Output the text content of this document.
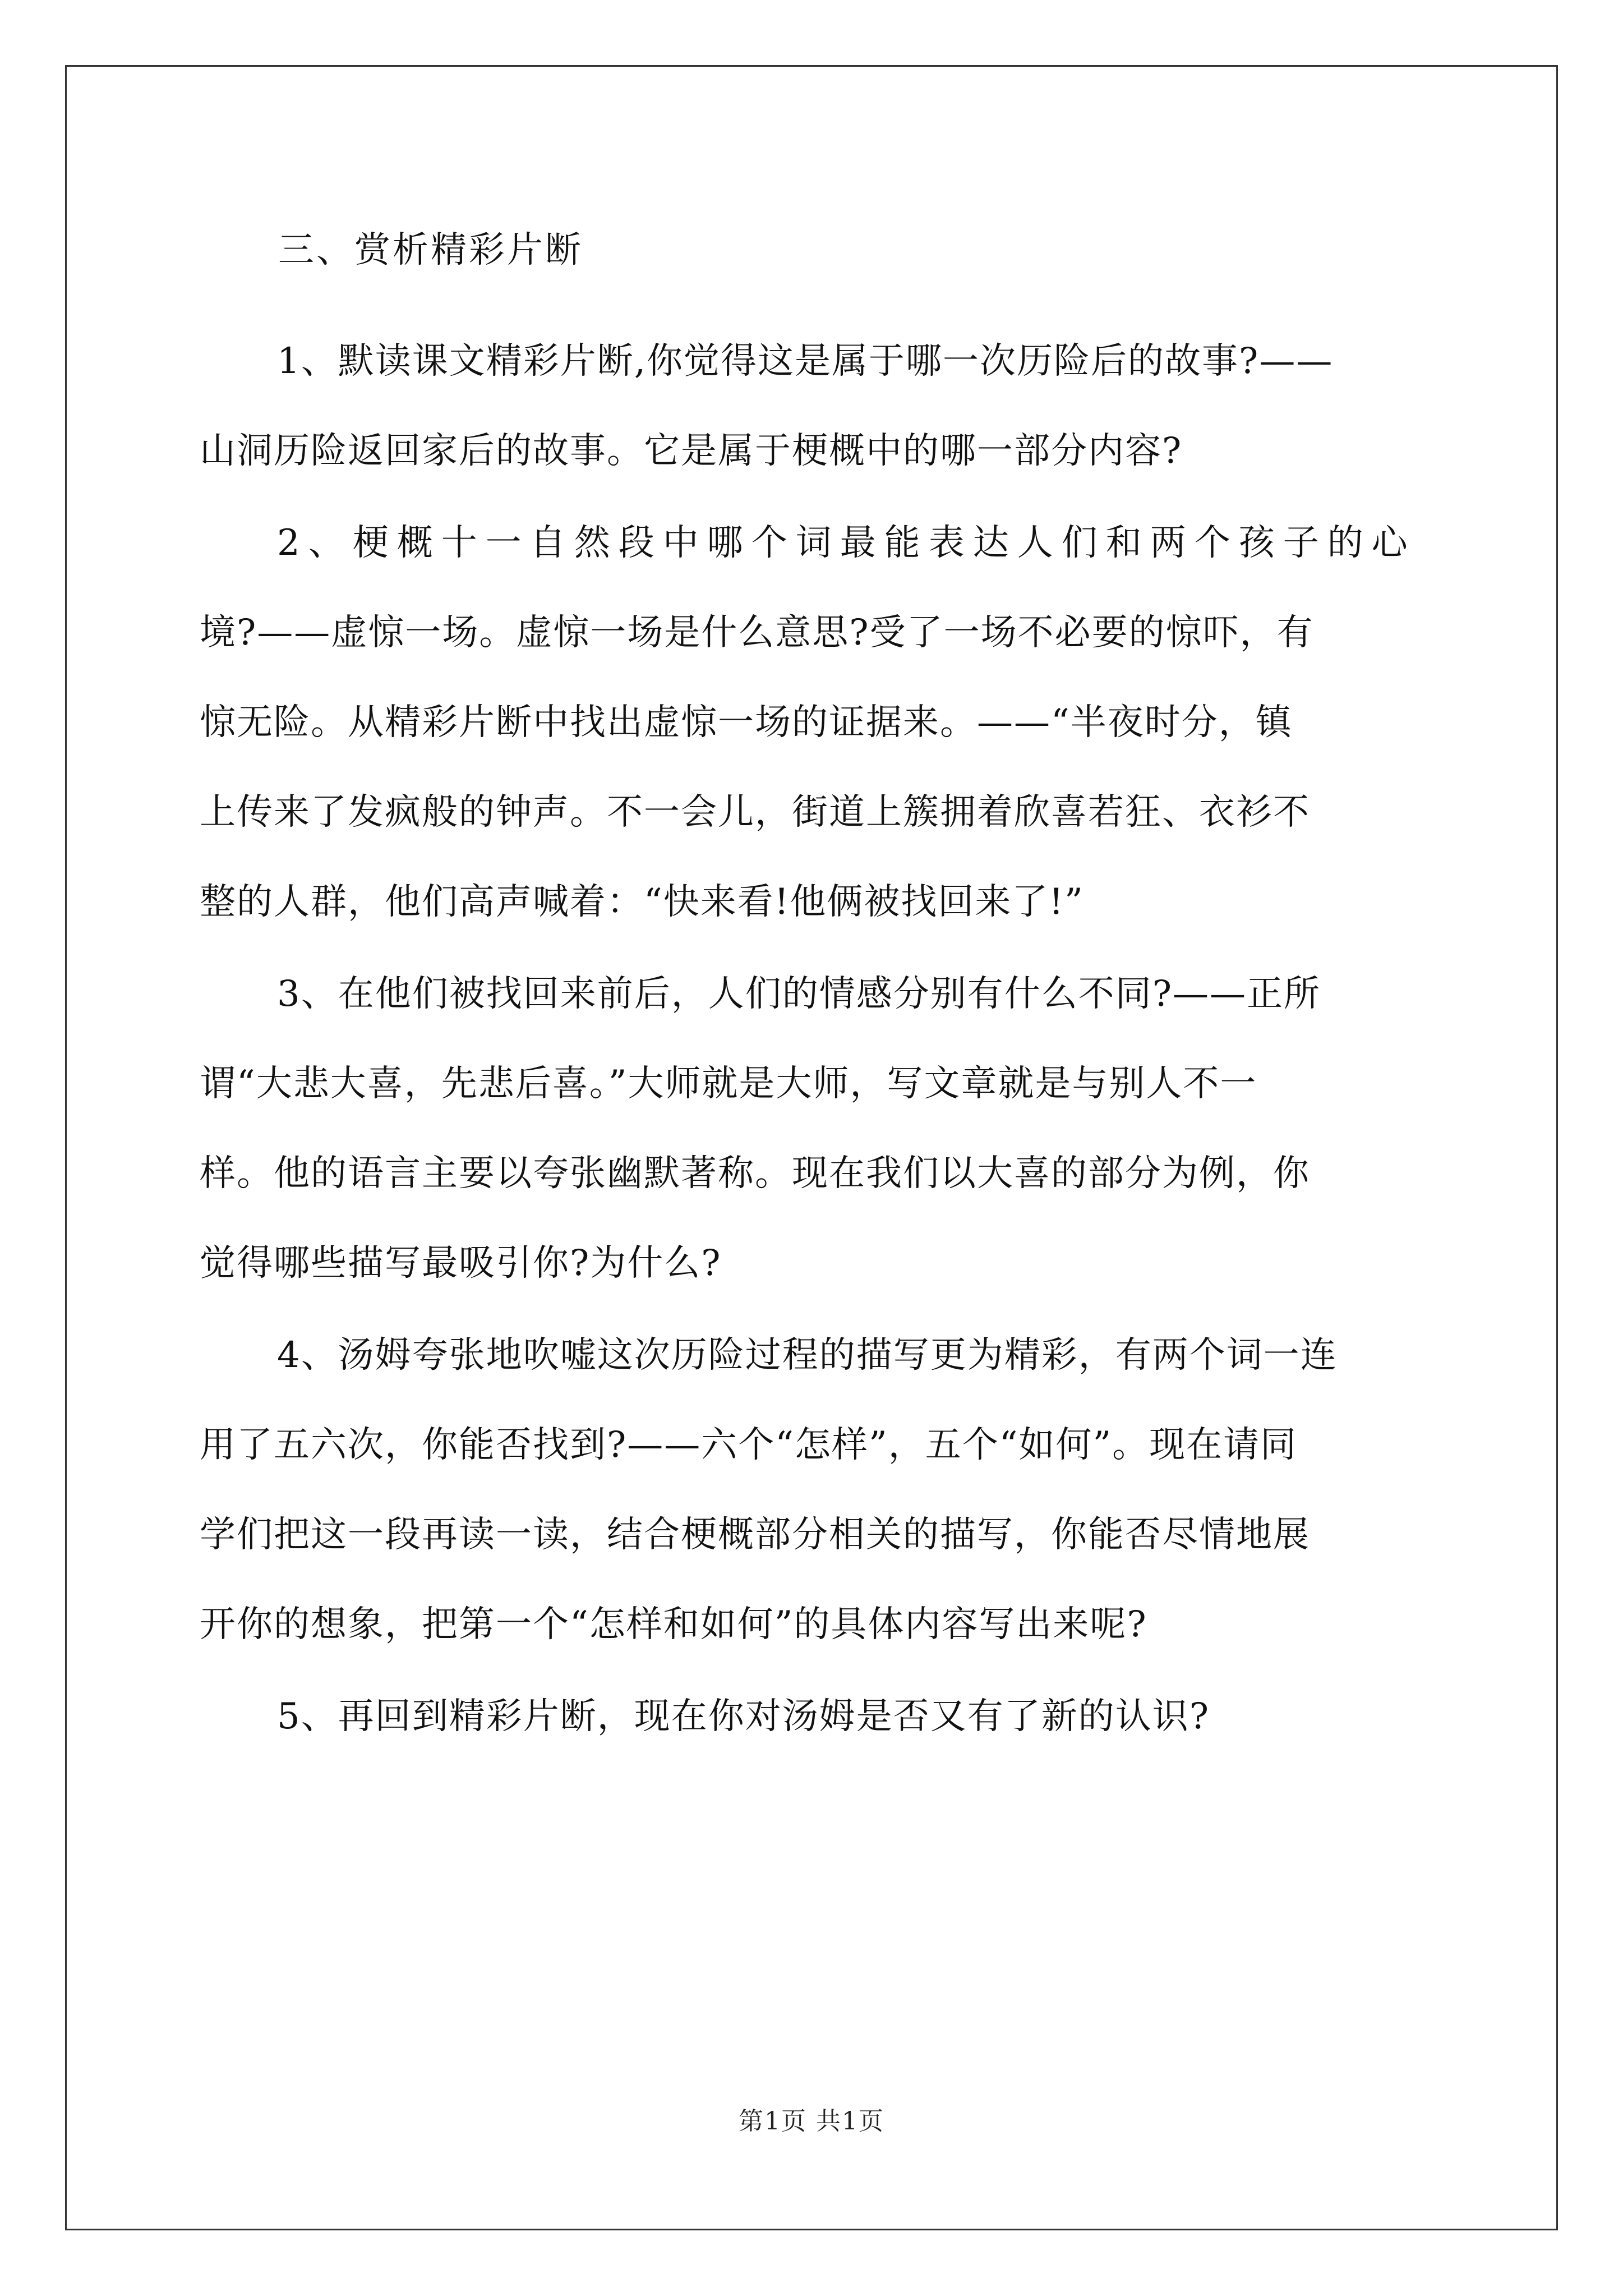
三、赏析精彩片断
1、默读课文精彩片断,你觉得这是属于哪一次历险后的故事?——
山洞历险返回家后的故事。它是属于梗概中的哪一部分内容?
2、梗概十一自然段中哪个词最能表达人们和两个孩子的心
境?——虚惊一场。虚惊一场是什么意思?受了一场不必要的惊吓，有
惊无险。从精彩片断中找出虚惊一场的证据来。——“半夜时分，镇
上传来了发疯般的钟声。不一会儿，街道上簇拥着欣喜若狂、衣衫不
整的人群，他们高声喊着：“快来看!他俩被找回来了!”
3、在他们被找回来前后，人们的情感分别有什么不同?——正所
谓“大悲大喜，先悲后喜。”大师就是大师，写文章就是与别人不一
样。他的语言主要以夸张幽默著称。现在我们以大喜的部分为例，你
觉得哪些描写最吸引你?为什么?
4、汤姆夸张地吹嘘这次历险过程的描写更为精彩，有两个词一连
用了五六次，你能否找到?——六个“怎样”，五个“如何”。现在请同
学们把这一段再读一读，结合梗概部分相关的描写，你能否尽情地展
开你的想象，把第一个“怎样和如何”的具体内容写出来呢?
5、再回到精彩片断，现在你对汤姆是否又有了新的认识?
第1页 共1页
